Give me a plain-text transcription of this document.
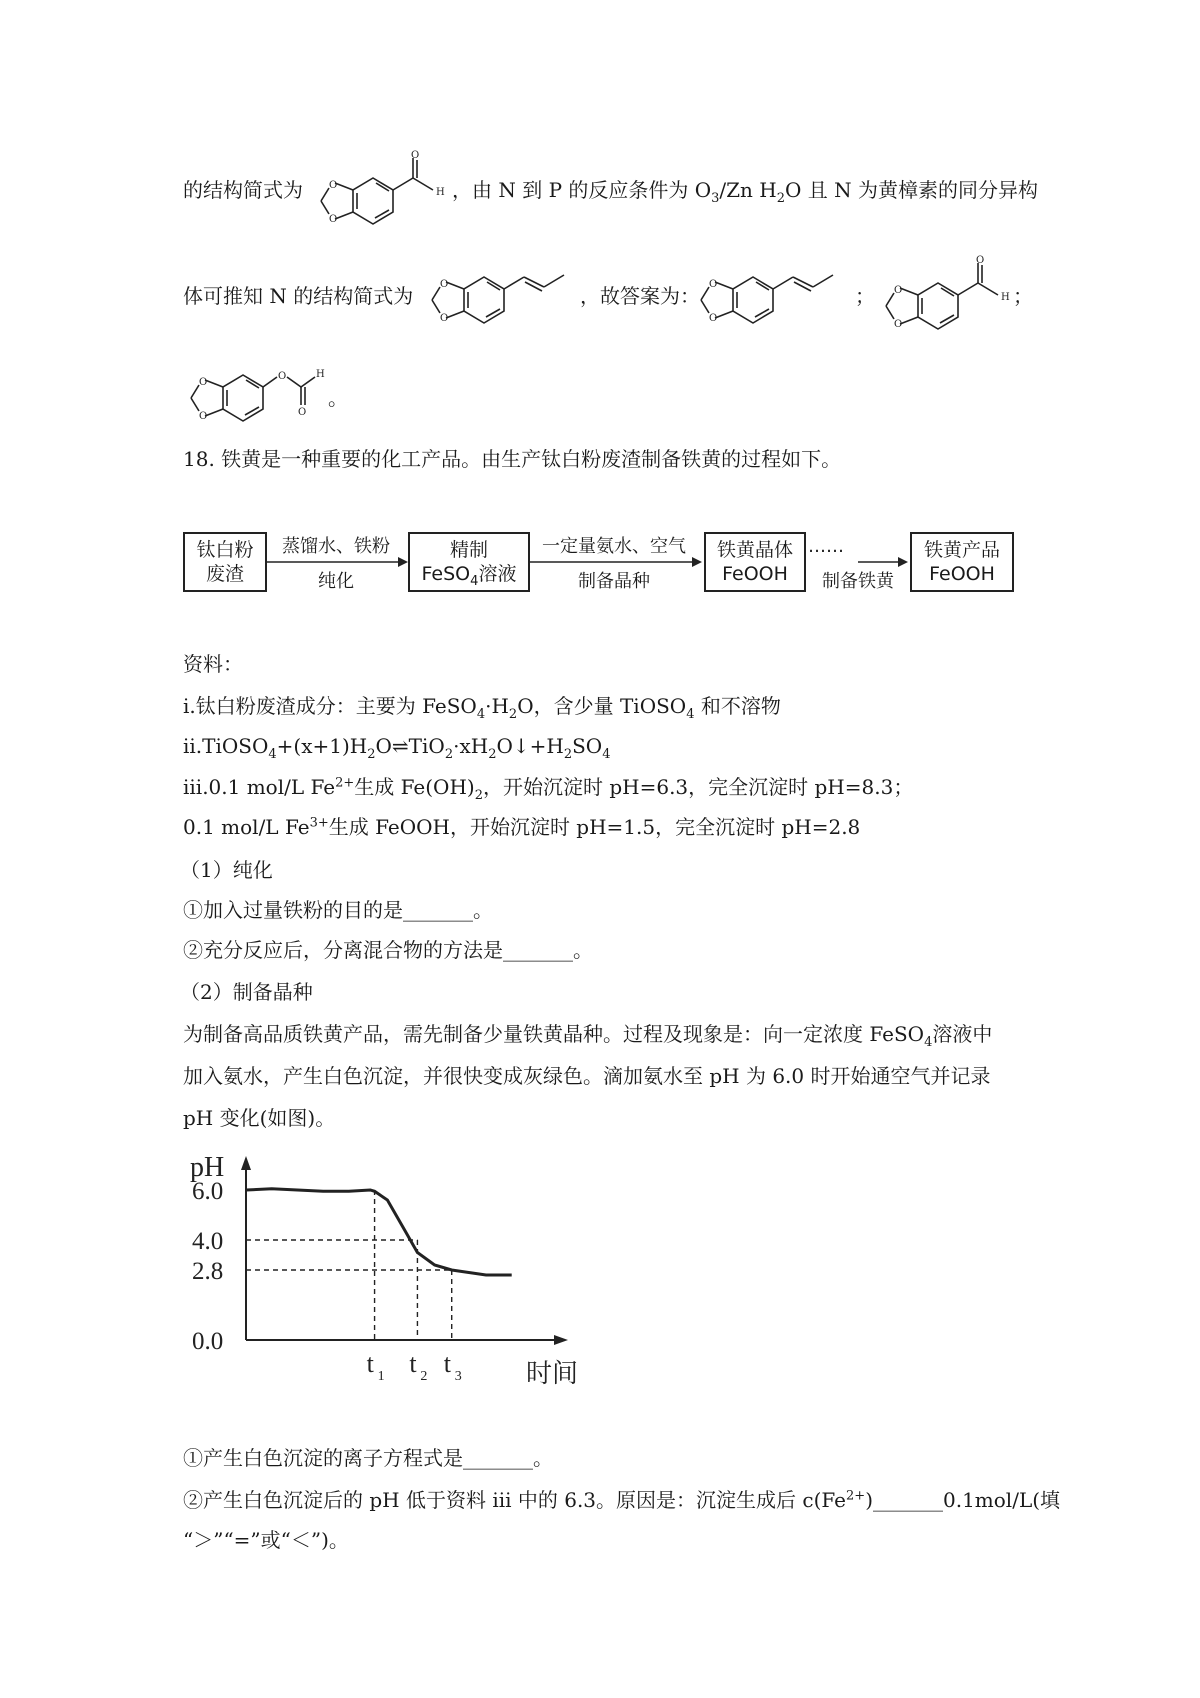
的结构简式为	O
O
O
H ，由 N 到 P 的反应条件为 $O_3/Zn$ $H_2O$ 且 N 为黄樟素的同分异构
体可推知 N 的结构简式为	O
O
，故答案为： O
O
； O
O
O
H ；
O
O
O
O
H
。
18. 铁黄是一种重要的化工产品。由生产钛白粉废渣制备铁黄的过程如下。
钛白粉
废渣
蒸馏水、铁粉
纯化
精制
FeSO$_4$溶液
一定量氨水、空气
制备晶种
铁黄晶体
FeOOH
……
制备铁黄
铁黄产品
FeOOH
资料：
i.钛白粉废渣成分：主要为 $FeSO_4\cdot H_2O$，含少量 TiOSO$_4$ 和不溶物
$ii.TiOSO_4+(x+1)H_2O\rightleftharpoons TiO_2\cdot xH_2O↓+H_2SO_4$
iii.0.1 mol/L $Fe^{2+}$生成 $Fe(OH)_2$，开始沉淀时 pH=6.3，完全沉淀时 pH=8.3；
0.1 mol/L $Fe^{3+}$生成 FeOOH，开始沉淀时 pH=1.5，完全沉淀时 pH=2.8
（1）纯化
①加入过量铁粉的目的是_______。
②充分反应后，分离混合物的方法是_______。
（2）制备晶种
为制备高品质铁黄产品，需先制备少量铁黄晶种。过程及现象是：向一定浓度 FeSO$_4$溶液中
加入氨水，产生白色沉淀，并很快变成灰绿色。滴加氨水至 pH 为 6.0 时开始通空气并记录
pH 变化(如图)。
pH
时间
6.0
4.0
2.8
0.0
t 1 t 2 t 3
①产生白色沉淀的离子方程式是_______。
②产生白色沉淀后的 pH 低于资料 iii 中的 6.3。原因是：沉淀生成后 $c(Fe^{2+})\_\_\_\_\_\_\_0.1mol/L$(填
“＞”“=”或“＜”)。
